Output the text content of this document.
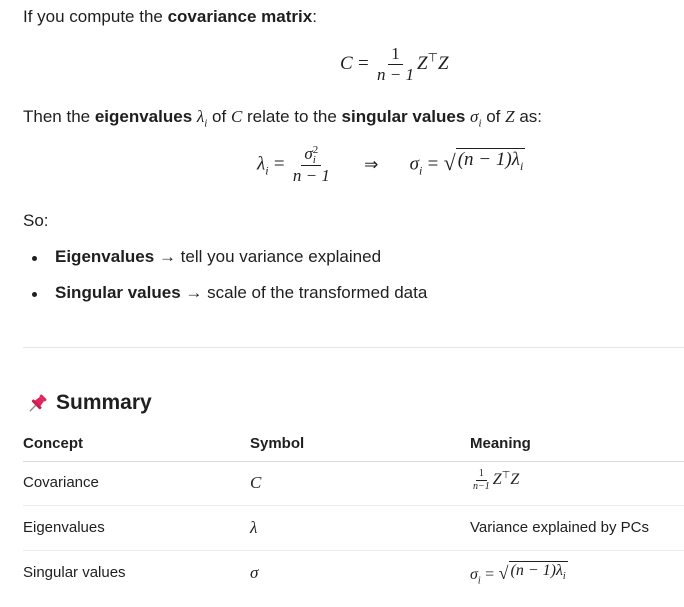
If you compute the covariance matrix:
$C = \frac{1}{n - 1} Z^⊤Z$
Then the eigenvalues $\lambda_i$ of C relate to the singular values $\sigma_i$ of Z as:
$\lambda_i = \sigma$ 2
i
n − 1 ⇒ $\sigma_i$ = √ $(n - 1)\lambda_i$
So:
Eigenvalues → tell you variance explained
Singular values → scale of the transformed data
Summary
Concept	Symbol	Meaning
Covariance	C	$\frac{1}{n-1} Z^⊤Z$
Eigenvalues	λ	Variance explained by PCs
Singular values	σ	$\sigma_i$ = √ $(n - 1)\lambda_i$
